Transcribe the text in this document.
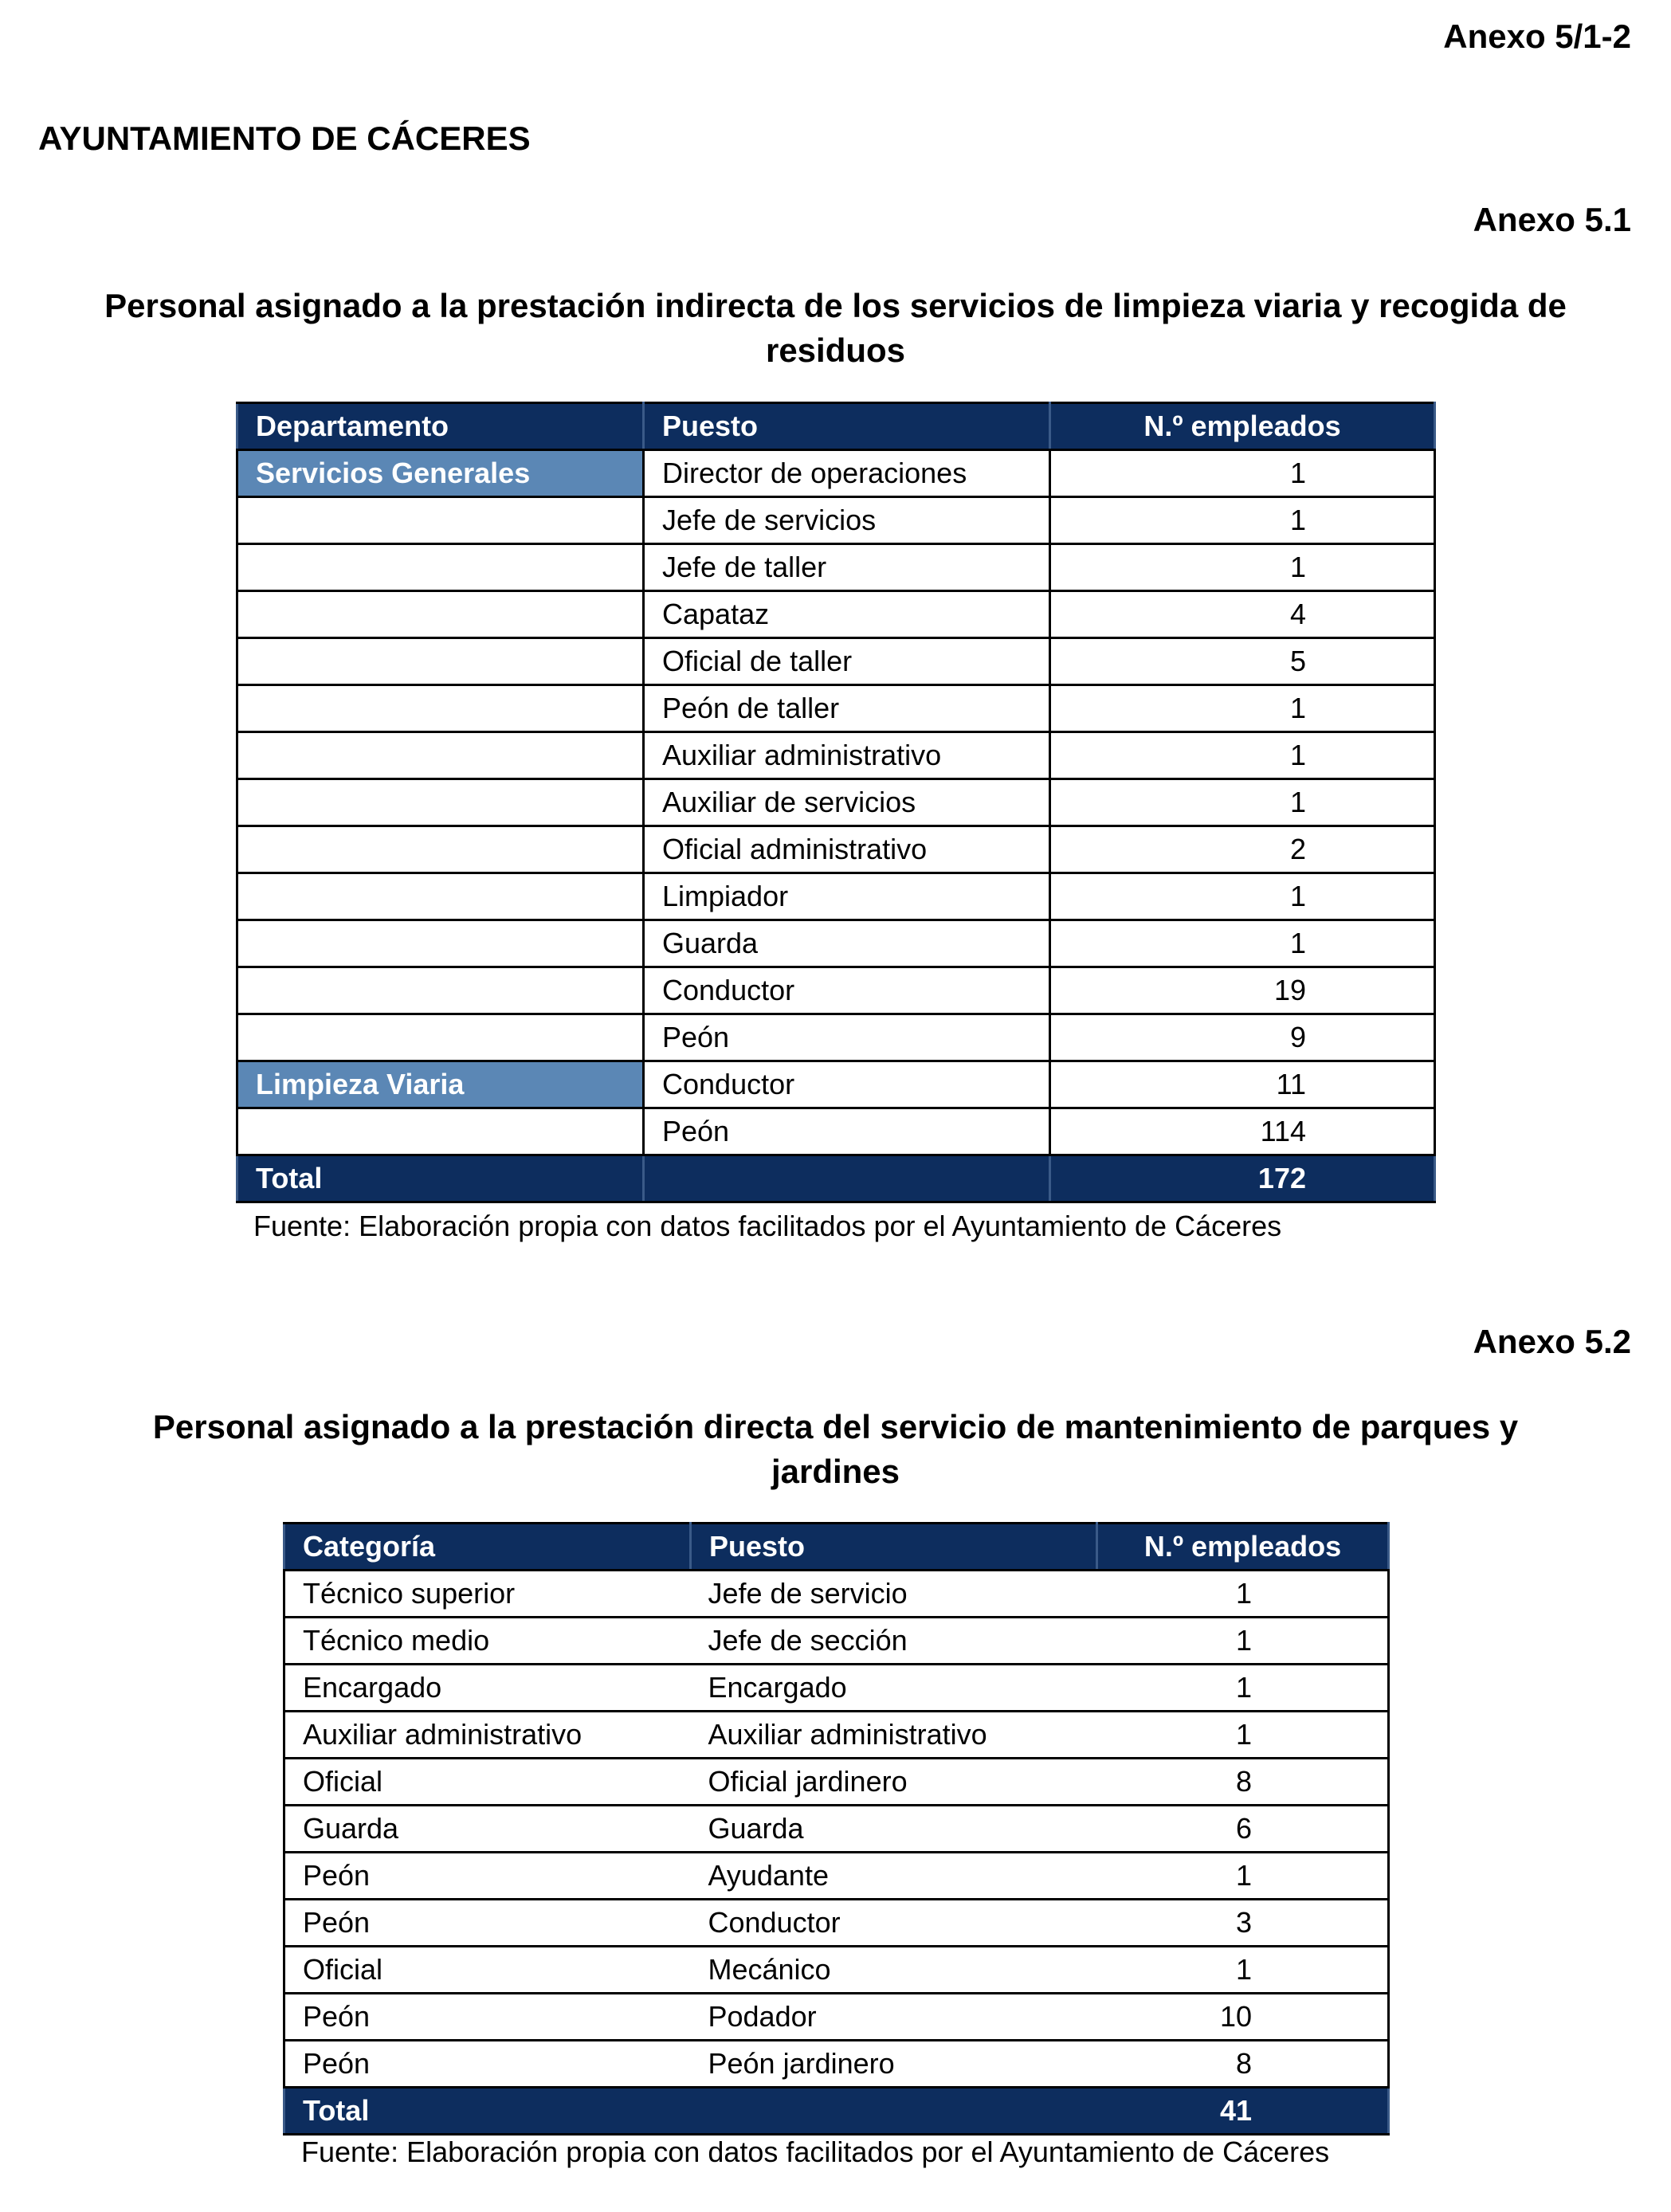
Anexo 5/1-2
AYUNTAMIENTO DE CÁCERES
Anexo 5.1
Personal asignado a la prestación indirecta de los servicios de limpieza viaria y recogida de
residuos
Departamento	Puesto	N.º empleados
Servicios Generales	Director de operaciones	1
	Jefe de servicios	1
	Jefe de taller	1
	Capataz	4
	Oficial de taller	5
	Peón de taller	1
	Auxiliar administrativo	1
	Auxiliar de servicios	1
	Oficial administrativo	2
	Limpiador	1
	Guarda	1
	Conductor	19
	Peón	9
Limpieza Viaria	Conductor	11
	Peón	114
Total		172
Fuente: Elaboración propia con datos facilitados por el Ayuntamiento de Cáceres
Anexo 5.2
Personal asignado a la prestación directa del servicio de mantenimiento de parques y
jardines
Categoría	Puesto	N.º empleados
Técnico superior	Jefe de servicio	1
Técnico medio	Jefe de sección	1
Encargado	Encargado	1
Auxiliar administrativo	Auxiliar administrativo	1
Oficial	Oficial jardinero	8
Guarda	Guarda	6
Peón	Ayudante	1
Peón	Conductor	3
Oficial	Mecánico	1
Peón	Podador	10
Peón	Peón jardinero	8
Total		41
Fuente: Elaboración propia con datos facilitados por el Ayuntamiento de Cáceres
